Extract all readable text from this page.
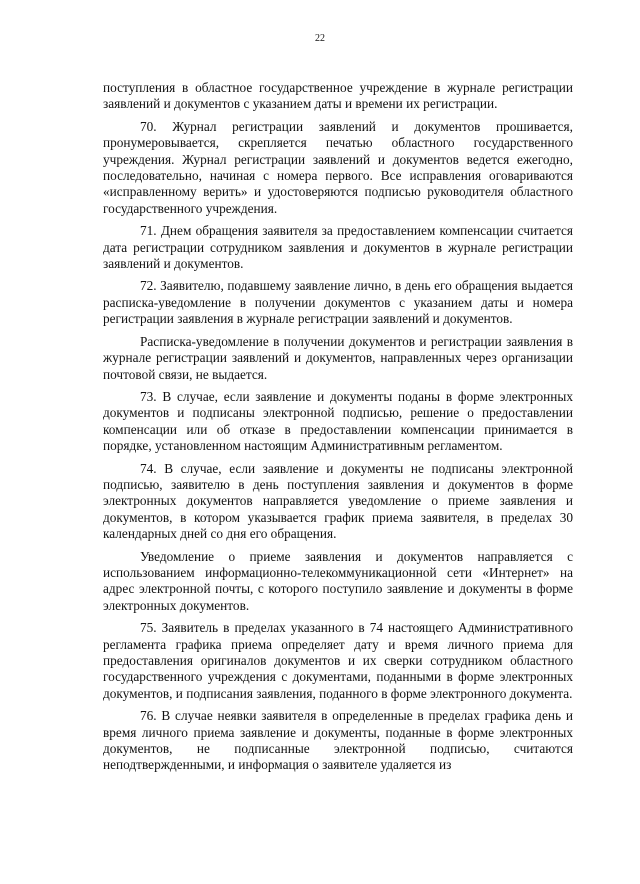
22

поступления в областное государственное учреждение в журнале регистрации заявлений и документов с указанием даты и времени их регистрации.

70. Журнал регистрации заявлений и документов прошивается, пронумеровывается, скрепляется печатью областного государственного учреждения. Журнал регистрации заявлений и документов ведется ежегодно, последовательно, начиная с номера первого. Все исправления оговариваются «исправленному верить» и удостоверяются подписью руководителя областного государственного учреждения.

71. Днем обращения заявителя за предоставлением компенсации считается дата регистрации сотрудником заявления и документов в журнале регистрации заявлений и документов.

72. Заявителю, подавшему заявление лично, в день его обращения выдается расписка-уведомление в получении документов с указанием даты и номера регистрации заявления в журнале регистрации заявлений и документов.

Расписка-уведомление в получении документов и регистрации заявления в журнале регистрации заявлений и документов, направленных через организации почтовой связи, не выдается.

73. В случае, если заявление и документы поданы в форме электронных документов и подписаны электронной подписью, решение о предоставлении компенсации или об отказе в предоставлении компенсации принимается в порядке, установленном настоящим Административным регламентом.

74. В случае, если заявление и документы не подписаны электронной подписью, заявителю в день поступления заявления и документов в форме электронных документов направляется уведомление о приеме заявления и документов, в котором указывается график приема заявителя, в пределах 30 календарных дней со дня его обращения.

Уведомление о приеме заявления и документов направляется с использованием информационно-телекоммуникационной сети «Интернет» на адрес электронной почты, с которого поступило заявление и документы в форме электронных документов.

75. Заявитель в пределах указанного в 74 настоящего Административного регламента графика приема определяет дату и время личного приема для предоставления оригиналов документов и их сверки сотрудником областного государственного учреждения с документами, поданными в форме электронных документов, и подписания заявления, поданного в форме электронного документа.

76. В случае неявки заявителя в определенные в пределах графика день и время личного приема заявление и документы, поданные в форме электронных документов, не подписанные электронной подписью, считаются неподтвержденными, и информация о заявителе удаляется из
